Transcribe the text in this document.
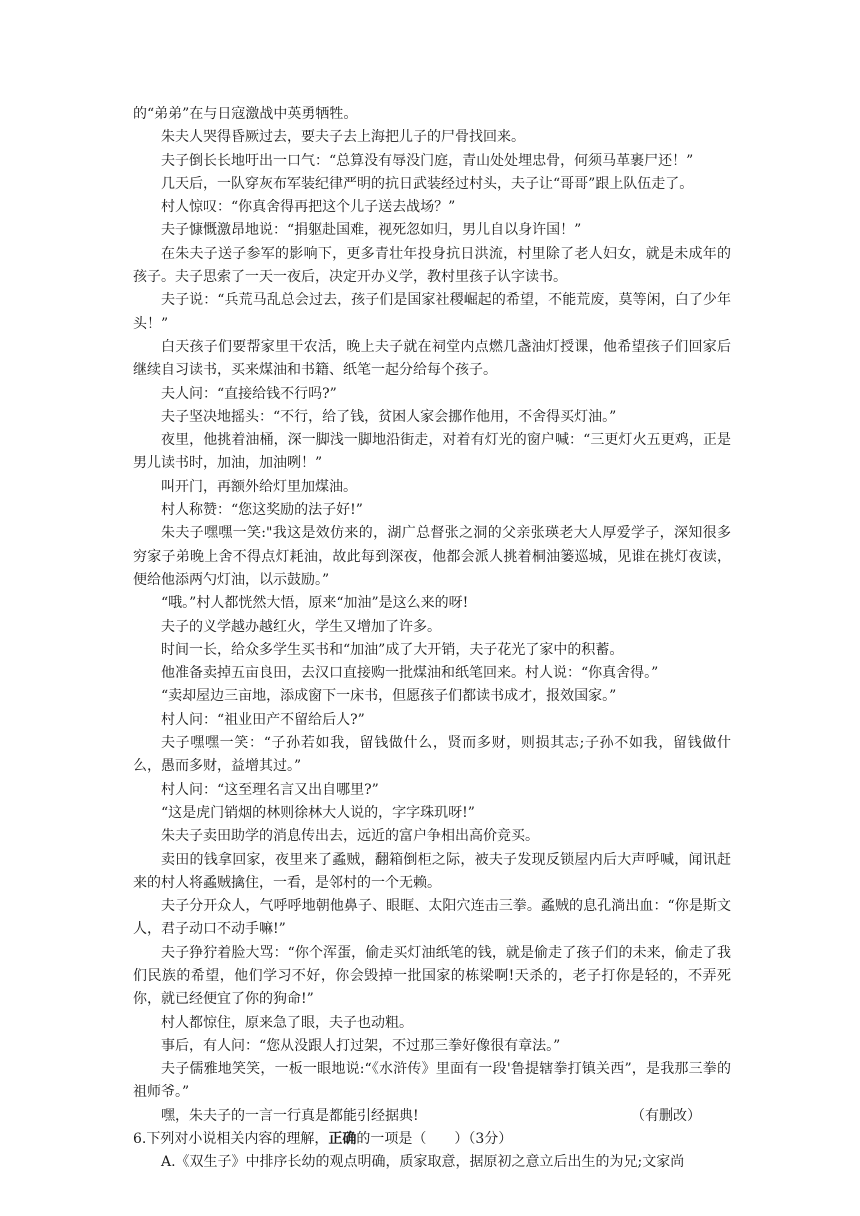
的“弟弟”在与日寇激战中英勇牺牲。

朱夫人哭得昏厥过去，要夫子去上海把儿子的尸骨找回来。

夫子倒长长地吁出一口气：“总算没有辱没门庭，青山处处埋忠骨，何须马革裹尸还！”

几天后，一队穿灰布军装纪律严明的抗日武装经过村头，夫子让“哥哥”跟上队伍走了。

村人惊叹：“你真舍得再把这个儿子送去战场？”

夫子慷慨激昂地说：“捐躯赴国难，视死忽如归，男儿自以身许国！”

在朱夫子送子参军的影响下，更多青壮年投身抗日洪流，村里除了老人妇女，就是未成年的孩子。夫子思索了一天一夜后，决定开办义学，教村里孩子认字读书。

夫子说：“兵荒马乱总会过去，孩子们是国家社稷崛起的希望，不能荒废，莫等闲，白了少年头！”

白天孩子们要帮家里干农活，晚上夫子就在祠堂内点燃几盏油灯授课，他希望孩子们回家后继续自习读书，买来煤油和书籍、纸笔一起分给每个孩子。

夫人问：“直接给钱不行吗?”

夫子坚决地摇头：“不行，给了钱，贫困人家会挪作他用，不舍得买灯油。”

夜里，他挑着油桶，深一脚浅一脚地沿街走，对着有灯光的窗户喊：“三更灯火五更鸡，正是男儿读书时，加油，加油咧！”

叫开门，再额外给灯里加煤油。

村人称赞：“您这奖励的法子好!”

朱夫子嘿嘿一笑:"我这是效仿来的，湖广总督张之洞的父亲张瑛老大人厚爱学子，深知很多穷家子弟晚上舍不得点灯耗油，故此每到深夜，他都会派人挑着桐油篓巡城，见谁在挑灯夜读，便给他添两勺灯油，以示鼓励。”

“哦。”村人都恍然大悟，原来“加油”是这么来的呀!

夫子的义学越办越红火，学生又增加了许多。

时间一长，给众多学生买书和“加油”成了大开销，夫子花光了家中的积蓄。

他准备卖掉五亩良田，去汉口直接购一批煤油和纸笔回来。村人说：“你真舍得。”

“卖却屋边三亩地，添成窗下一床书，但愿孩子们都读书成才，报效国家。”

村人问：“祖业田产不留给后人?”

夫子嘿嘿一笑：“子孙若如我，留钱做什么，贤而多财，则损其志;子孙不如我，留钱做什么，愚而多财，益增其过。”

村人问：“这至理名言又出自哪里?”

“这是虎门销烟的林则徐林大人说的，字字珠玑呀!”

朱夫子卖田助学的消息传出去，远近的富户争相出高价竞买。

卖田的钱拿回家，夜里来了蟊贼，翻箱倒柜之际，被夫子发现反锁屋内后大声呼喊，闻讯赶来的村人将蟊贼擒住，一看，是邻村的一个无赖。

夫子分开众人，气呼呼地朝他鼻子、眼眶、太阳穴连击三拳。蟊贼的息孔淌出血：“你是斯文人，君子动口不动手嘛!”

夫子狰狞着脸大骂：“你个浑蛋，偷走买灯油纸笔的钱，就是偷走了孩子们的未来，偷走了我们民族的希望，他们学习不好，你会毁掉一批国家的栋梁啊!天杀的，老子打你是轻的，不弄死你，就已经便宜了你的狗命!”

村人都惊住，原来急了眼，夫子也动粗。

事后，有人问：“您从没跟人打过架，不过那三拳好像很有章法。”

夫子儒雅地笑笑，一板一眼地说:“《水浒传》里面有一段'鲁提辖拳打镇关西”，是我那三拳的祖师爷。”

嘿，朱夫子的一言一行真是都能引经据典!	（有删改）

6.下列对小说相关内容的理解，正确的一项是（　　）（3分）

A.《双生子》中排序长幼的观点明确，质家取意，据原初之意立后出生的为兄;文家尚
